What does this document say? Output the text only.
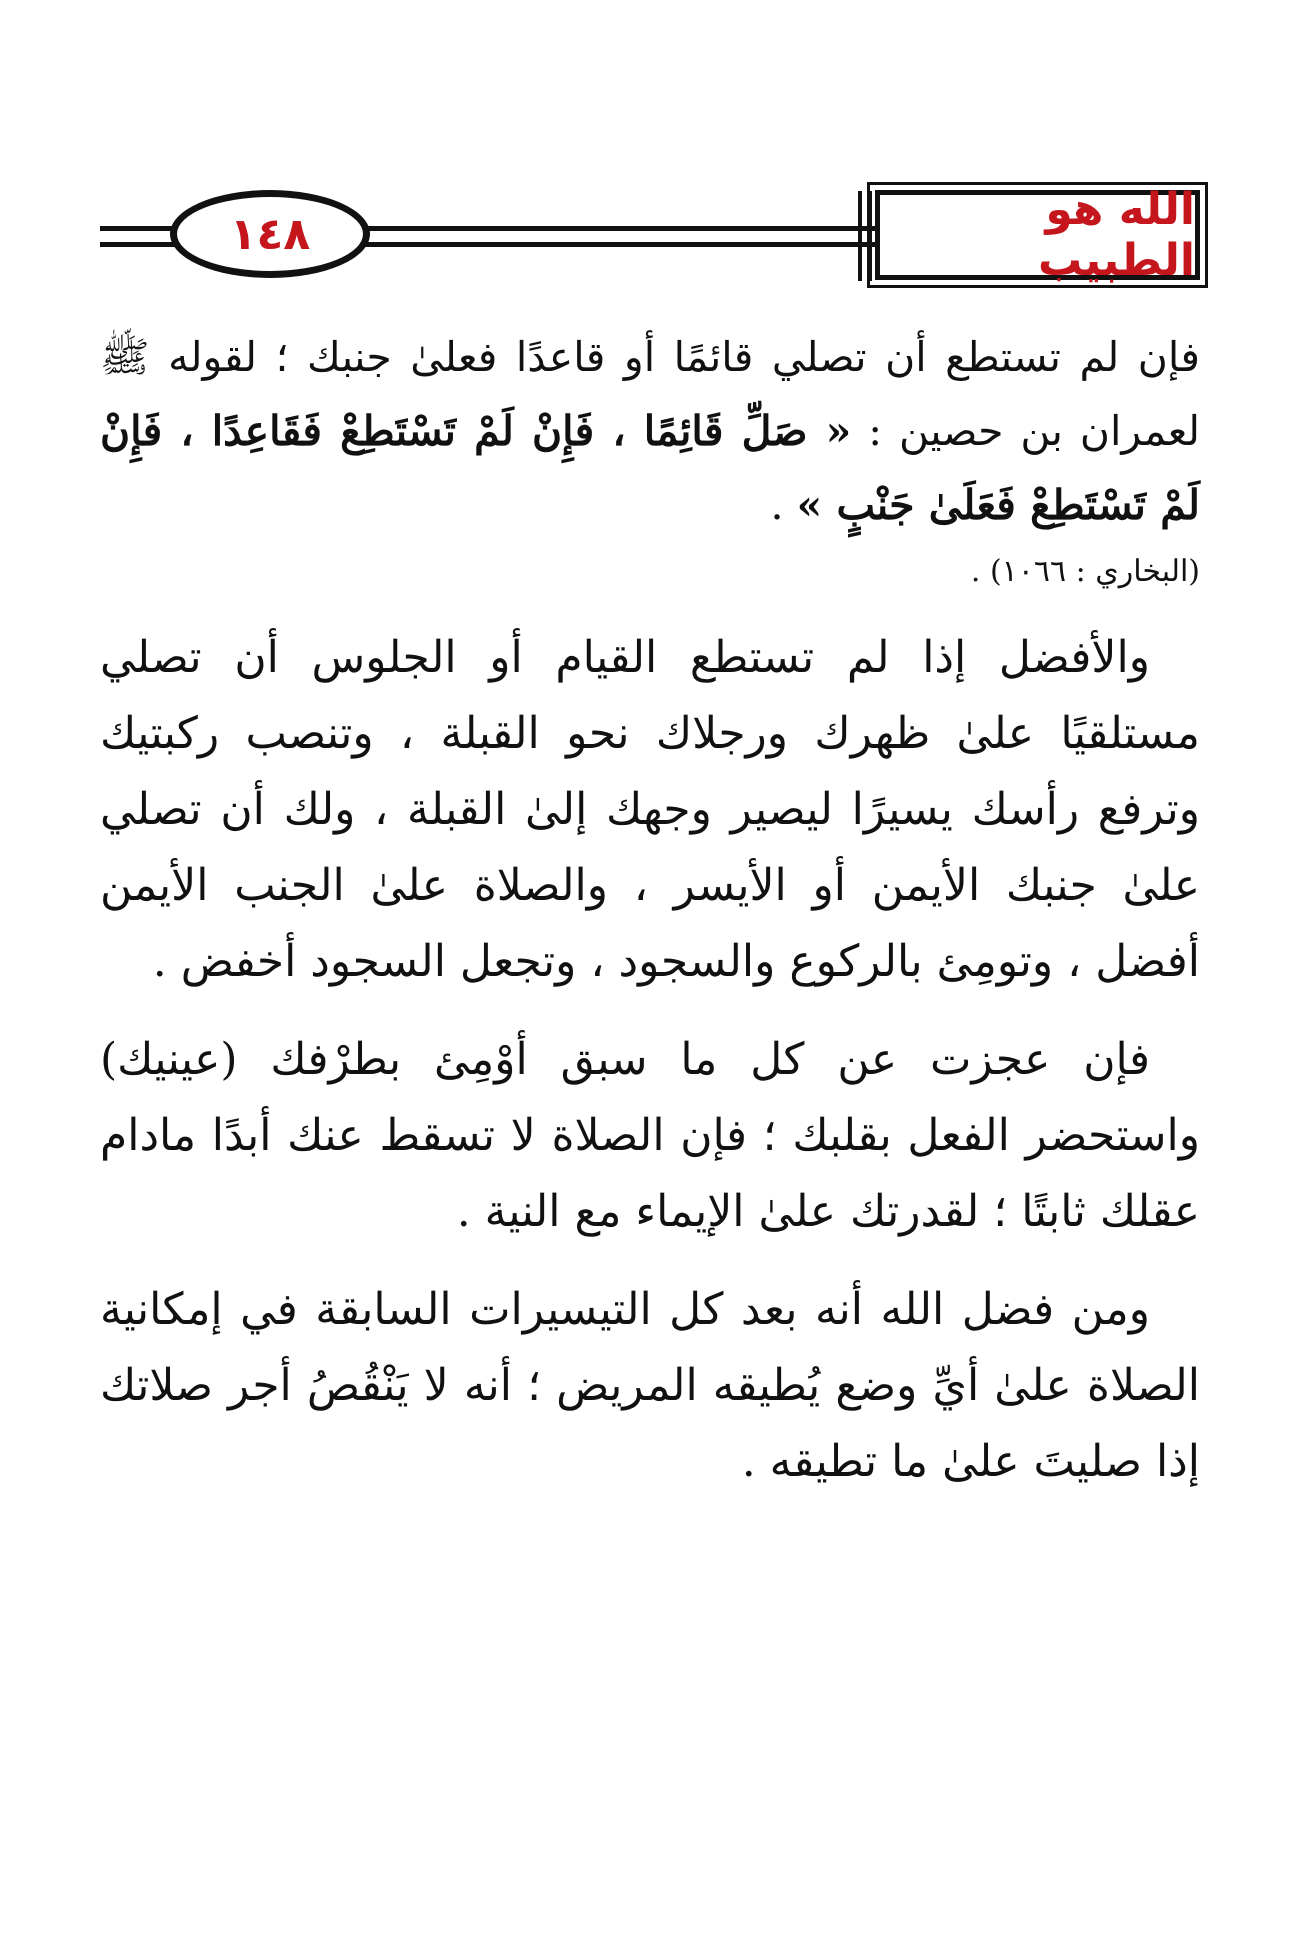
الله هو الطبيب
١٤٨

فإن لم تستطع أن تصلي قائمًا أو قاعدًا فعلىٰ جنبك ؛ لقوله ﷺ لعمران بن حصين : « صَلِّ قَائِمًا ، فَإِنْ لَمْ تَسْتَطِعْ فَقَاعِدًا ، فَإِنْ لَمْ تَسْتَطِعْ فَعَلَىٰ جَنْبٍ » .

(البخاري : ١٠٦٦) .

والأفضل إذا لم تستطع القيام أو الجلوس أن تصلي مستلقيًا علىٰ ظهرك ورجلاك نحو القبلة ، وتنصب ركبتيك وترفع رأسك يسيرًا ليصير وجهك إلىٰ القبلة ، ولك أن تصلي علىٰ جنبك الأيمن أو الأيسر ، والصلاة علىٰ الجنب الأيمن أفضل ، وتومِئ بالركوع والسجود ، وتجعل السجود أخفض .

فإن عجزت عن كل ما سبق أوْمِئ بطرْفك (عينيك) واستحضر الفعل بقلبك ؛ فإن الصلاة لا تسقط عنك أبدًا مادام عقلك ثابتًا ؛ لقدرتك علىٰ الإيماء مع النية .

ومن فضل الله أنه بعد كل التيسيرات السابقة في إمكانية الصلاة علىٰ أيِّ وضع يُطيقه المريض ؛ أنه لا يَنْقُصُ أجر صلاتك إذا صليتَ علىٰ ما تطيقه .
